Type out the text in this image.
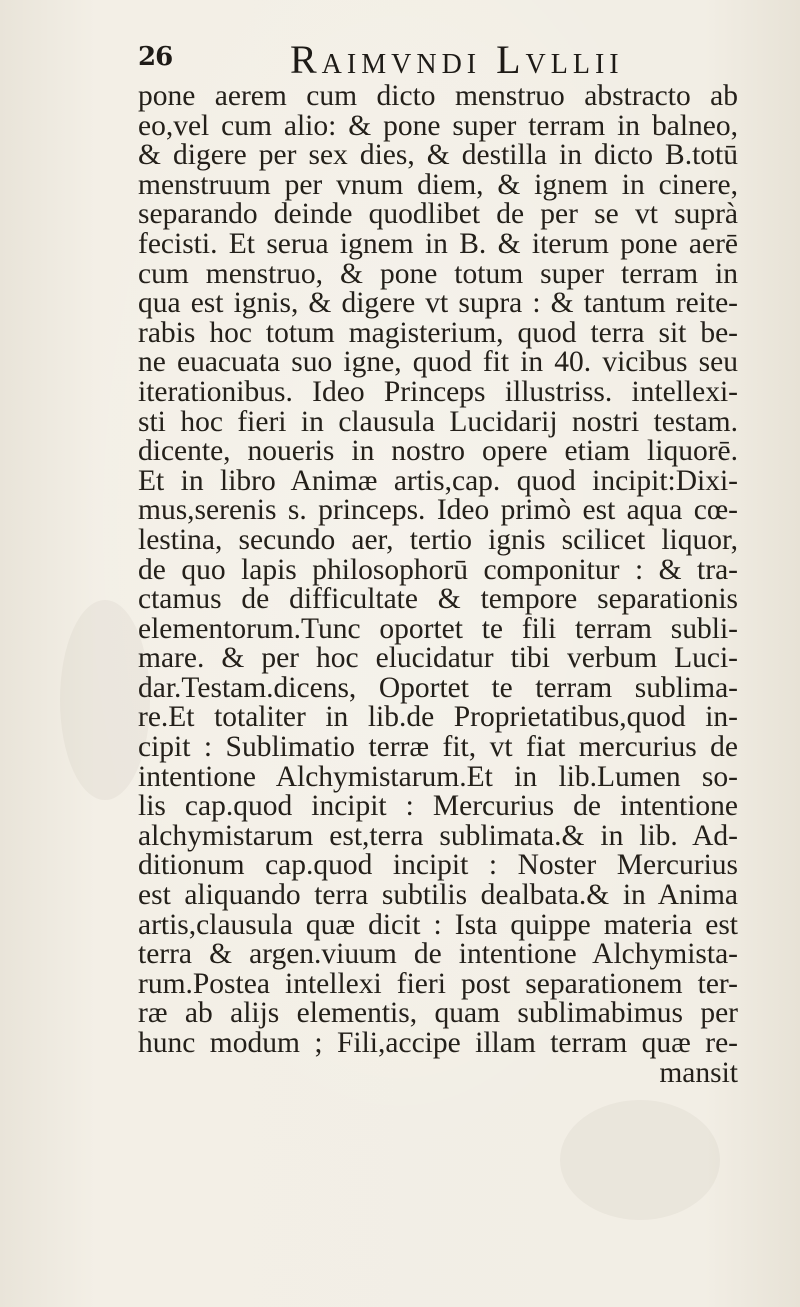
26	Raimvndi Lvllii
pone aerem cum dicto menstruo abstracto ab
eo,vel cum alio: & pone super terram in balneo,
& digere per sex dies, & destilla in dicto B.totū
menstruum per vnum diem, & ignem in cinere,
separando deinde quodlibet de per se vt suprà
fecisti. Et serua ignem in B. & iterum pone aerē
cum menstruo, & pone totum super terram in
qua est ignis, & digere vt supra : & tantum reite-
rabis hoc totum magisterium, quod terra sit be-
ne euacuata suo igne, quod fit in 40. vicibus seu
iterationibus. Ideo Princeps illustriss. intellexi-
sti hoc fieri in clausula Lucidarij nostri testam.
dicente, noueris in nostro opere etiam liquorē.
Et in libro Animæ artis,cap. quod incipit:Dixi-
mus,serenis s. princeps. Ideo primò est aqua cœ-
lestina, secundo aer, tertio ignis scilicet liquor,
de quo lapis philosophorū componitur : & tra-
ctamus de difficultate & tempore separationis
elementorum.Tunc oportet te fili terram subli-
mare. & per hoc elucidatur tibi verbum Luci-
dar.Testam.dicens, Oportet te terram sublima-
re.Et totaliter in lib.de Proprietatibus,quod in-
cipit : Sublimatio terræ fit, vt fiat mercurius de
intentione Alchymistarum.Et in lib.Lumen so-
lis cap.quod incipit : Mercurius de intentione
alchymistarum est,terra sublimata.& in lib. Ad-
ditionum cap.quod incipit : Noster Mercurius
est aliquando terra subtilis dealbata.& in Anima
artis,clausula quæ dicit : Ista quippe materia est
terra & argen.viuum de intentione Alchymista-
rum.Postea intellexi fieri post separationem ter-
ræ ab alijs elementis, quam sublimabimus per
hunc modum ; Fili,accipe illam terram quæ re-
mansit
